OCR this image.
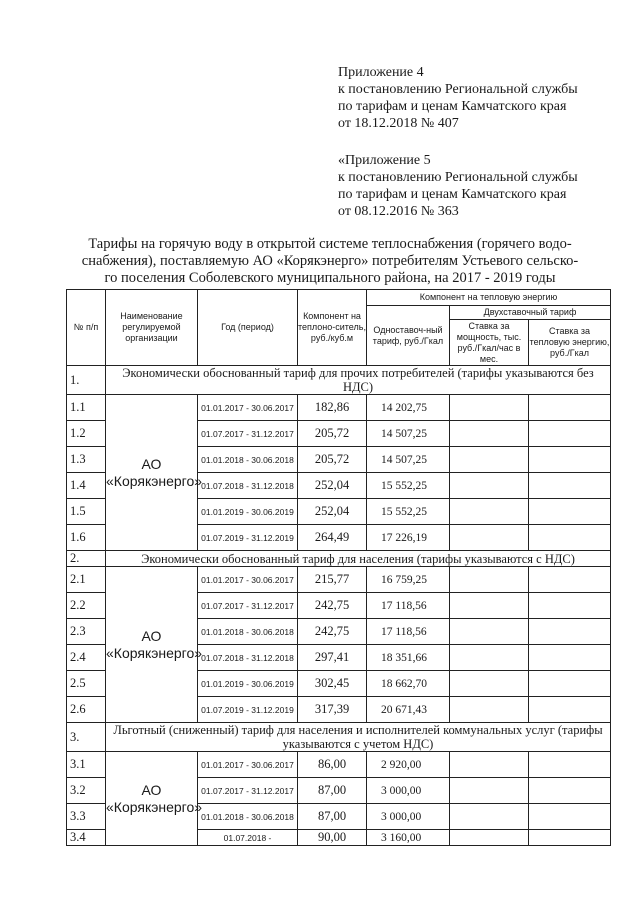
Приложение 4
к постановлению Региональной службы
по тарифам и ценам Камчатского края
от 18.12.2018 № 407
«Приложение 5
к постановлению Региональной службы
по тарифам и ценам Камчатского края
от 08.12.2016 № 363
Тарифы на горячую воду в открытой системе теплоснабжения (горячего водо-
снабжения), поставляемую АО «Корякэнерго» потребителям Устьевого сельско-
го поселения Соболевского муниципального района, на 2017 - 2019 годы
№ п/п	Наименование регулируемой организации	Год (период)	Компонент на теплоно-ситель, руб./куб.м	Компонент на тепловую энергию		
				Одноставоч-ный тариф, руб./Гкал	Двухставочный тариф	
					Ставка за мощность, тыс. руб./Гкал/час в мес.	Ставка за тепловую энергию, руб./Гкал
1.	Экономически обоснованный тариф для прочих потребителей (тарифы указываются без НДС)					
1.1	АО «Корякэнерго»	01.01.2017 - 30.06.2017	182,86	14 202,75		
1.2		01.07.2017 - 31.12.2017	205,72	14 507,25		
1.3		01.01.2018 - 30.06.2018	205,72	14 507,25		
1.4		01.07.2018 - 31.12.2018	252,04	15 552,25		
1.5		01.01.2019 - 30.06.2019	252,04	15 552,25		
1.6		01.07.2019 - 31.12.2019	264,49	17 226,19		
2.	Экономически обоснованный тариф для населения (тарифы указываются с НДС)					
2.1	АО «Корякэнерго»	01.01.2017 - 30.06.2017	215,77	16 759,25		
2.2		01.07.2017 - 31.12.2017	242,75	17 118,56		
2.3		01.01.2018 - 30.06.2018	242,75	17 118,56		
2.4		01.07.2018 - 31.12.2018	297,41	18 351,66		
2.5		01.01.2019 - 30.06.2019	302,45	18 662,70		
2.6		01.07.2019 - 31.12.2019	317,39	20 671,43		
3.	Льготный (сниженный) тариф для населения и исполнителей коммунальных услуг (тарифы указываются с учетом НДС)					
3.1	АО «Корякэнерго»	01.01.2017 - 30.06.2017	86,00	2 920,00		
3.2		01.07.2017 - 31.12.2017	87,00	3 000,00		
3.3		01.01.2018 - 30.06.2018	87,00	3 000,00		
3.4		01.07.2018 -	90,00	3 160,00		
